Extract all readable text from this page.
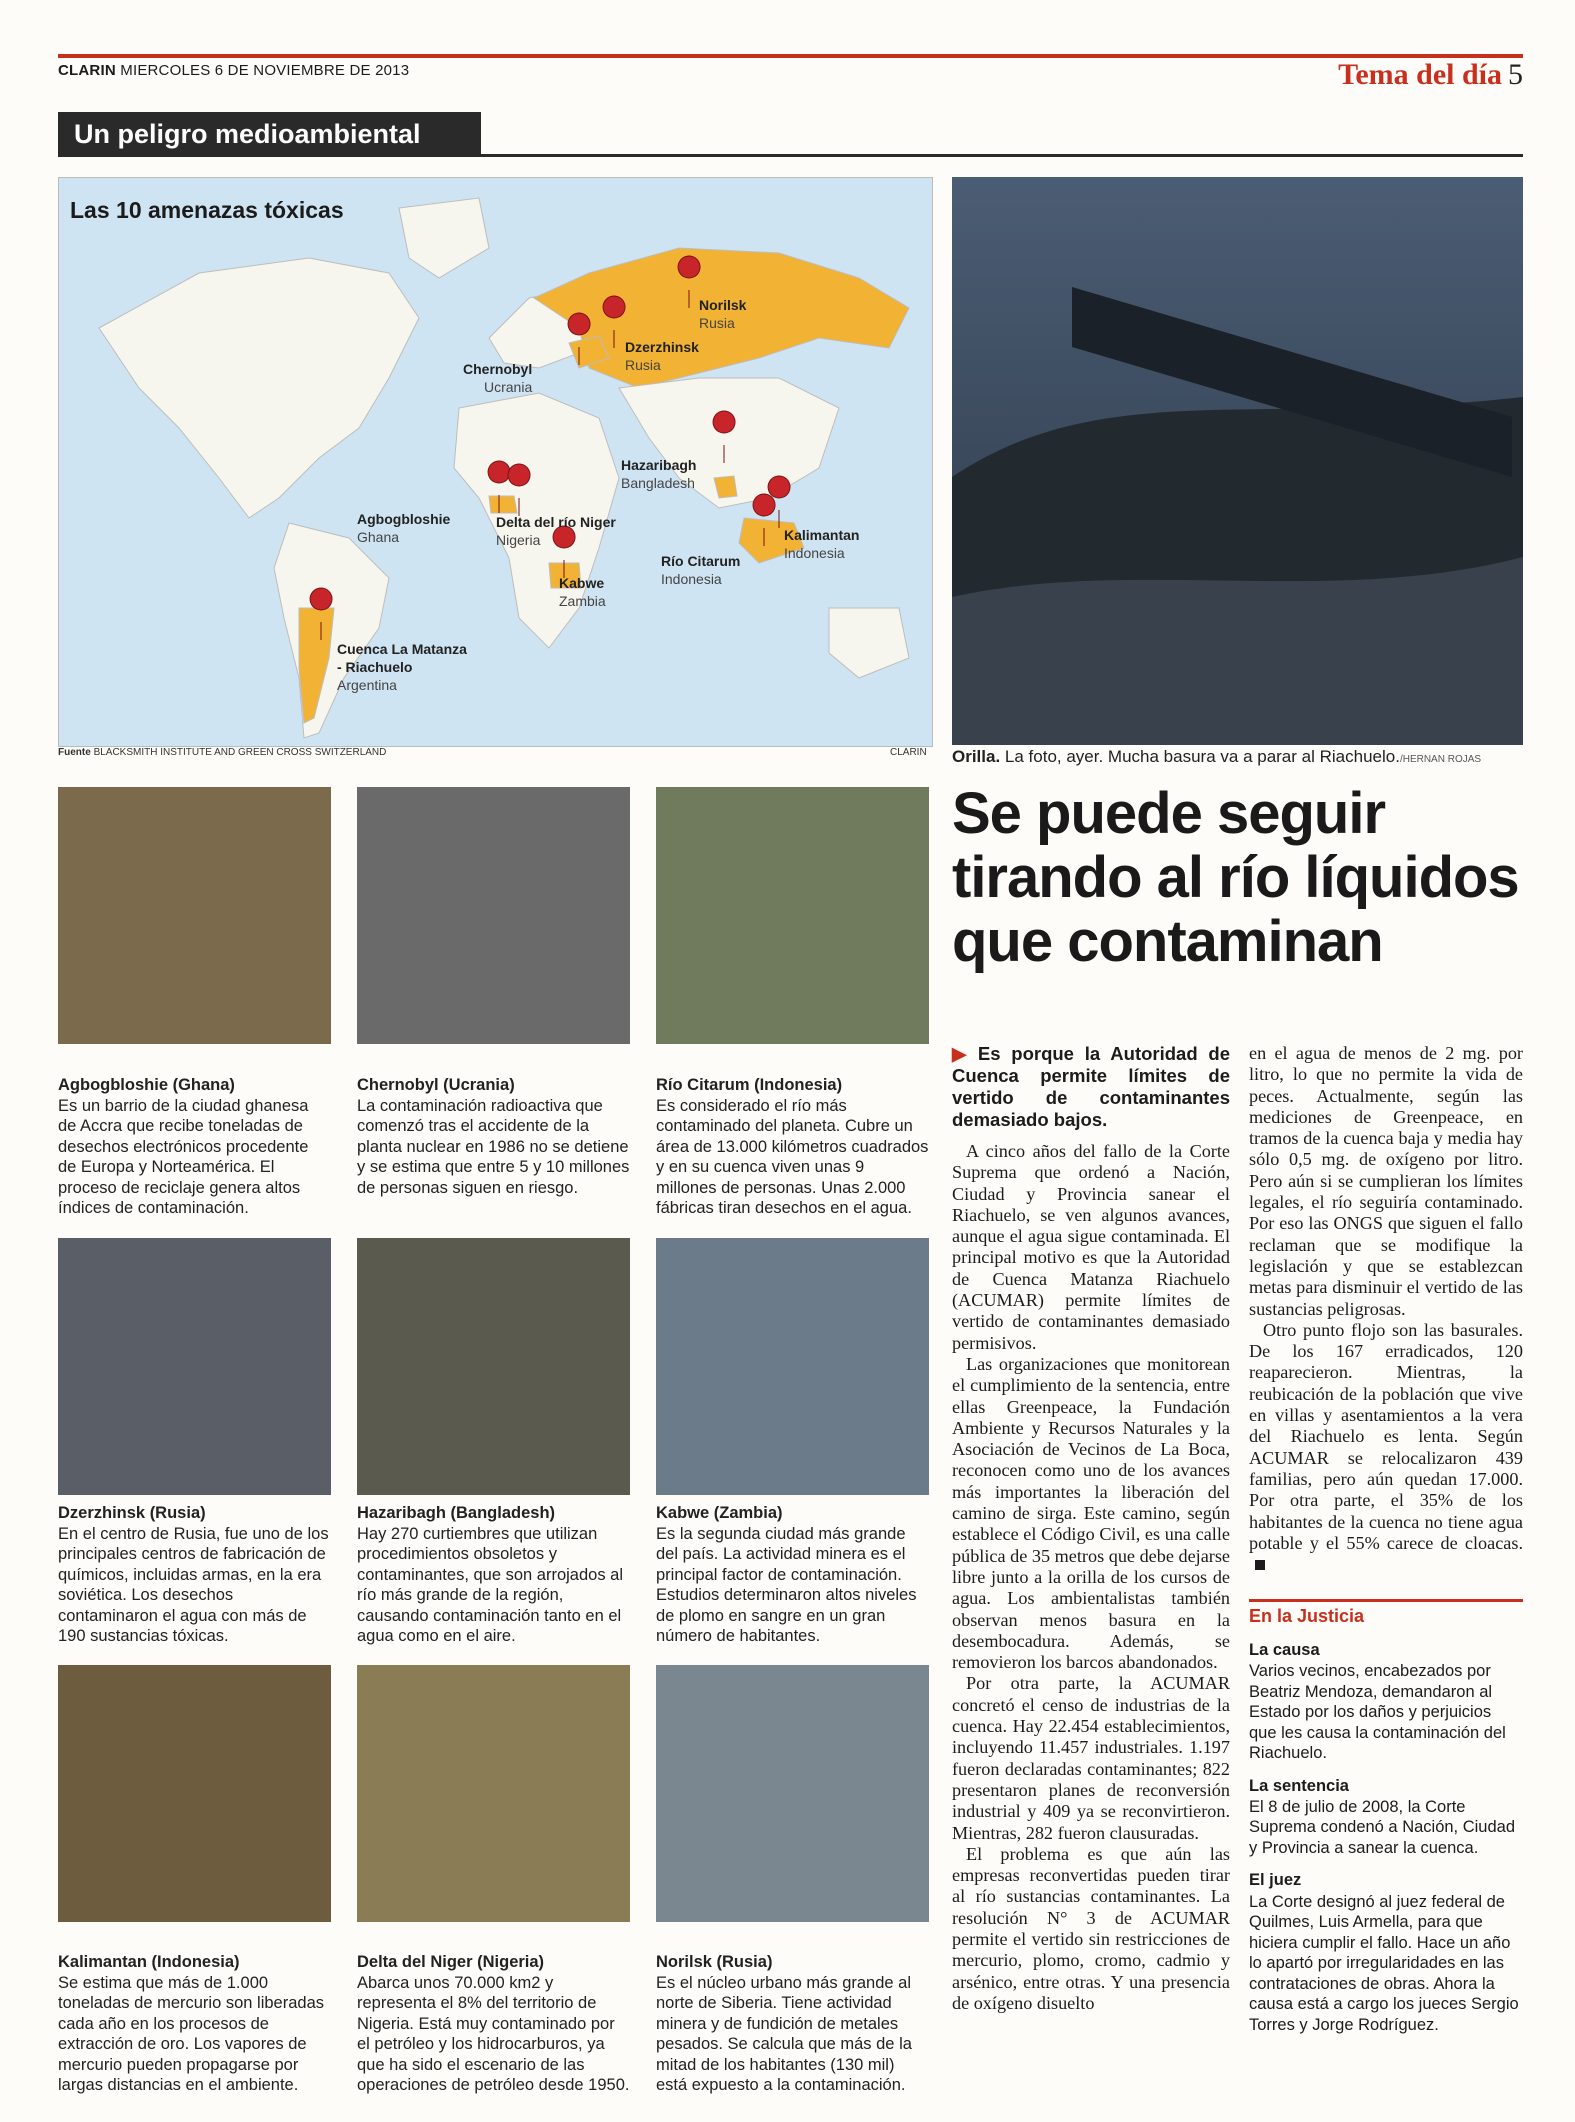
CLARIN MIERCOLES 6 DE NOVIEMBRE DE 2013	Tema del día 5
Un peligro medioambiental
Norilsk
Rusia
Dzerzhinsk
Rusia
Chernobyl
Ucrania
Hazaribagh
Bangladesh
Agbogbloshie
Ghana
Delta del río Niger
Nigeria	Kalimantan
Indonesia
Río Citarum
Indonesia
Kabwe
Zambia
Cuenca La Matanza - Riachuelo
Argentina
Las 10 amenazas tóxicas
Fuente BLACKSMITH INSTITUTE AND GREEN CROSS SWITZERLAND	CLARIN Orilla. La foto, ayer. Mucha basura va a parar al Riachuelo./HERNAN ROJAS
Se puede seguir tirando al río líquidos que contaminan
Agbogbloshie (Ghana)
Es un barrio de la ciudad ghanesa de Accra que recibe toneladas de desechos electrónicos procedente de Europa y Norteamérica. El proceso de reciclaje genera altos índices de contaminación.
Chernobyl (Ucrania)
La contaminación radioactiva que comenzó tras el accidente de la planta nuclear en 1986 no se detiene y se estima que entre 5 y 10 millones de personas siguen en riesgo.
Río Citarum (Indonesia)
Es considerado el río más contaminado del planeta. Cubre un área de 13.000 kilómetros cuadrados y en su cuenca viven unas 9 millones de personas. Unas 2.000 fábricas tiran desechos en el agua.
Dzerzhinsk (Rusia)
En el centro de Rusia, fue uno de los principales centros de fabricación de químicos, incluidas armas, en la era soviética. Los desechos contaminaron el agua con más de 190 sustancias tóxicas.
Hazaribagh (Bangladesh)
Hay 270 curtiembres que utilizan procedimientos obsoletos y contaminantes, que son arrojados al río más grande de la región, causando contaminación tanto en el agua como en el aire.
Kabwe (Zambia)
Es la segunda ciudad más grande del país. La actividad minera es el principal factor de contaminación. Estudios determinaron altos niveles de plomo en sangre en un gran número de habitantes.
Kalimantan (Indonesia)
Se estima que más de 1.000 toneladas de mercurio son liberadas cada año en los procesos de extracción de oro. Los vapores de mercurio pueden propagarse por largas distancias en el ambiente.
Delta del Niger (Nigeria)
Abarca unos 70.000 km2 y representa el 8% del territorio de Nigeria. Está muy contaminado por el petróleo y los hidrocarburos, ya que ha sido el escenario de las operaciones de petróleo desde 1950.
Norilsk (Rusia)
Es el núcleo urbano más grande al norte de Siberia. Tiene actividad minera y de fundición de metales pesados. Se calcula que más de la mitad de los habitantes (130 mil) está expuesto a la contaminación.
▶ Es porque la Autoridad de Cuenca permite límites de vertido de contaminantes demasiado bajos.

A cinco años del fallo de la Corte Suprema que ordenó a Nación, Ciudad y Provincia sanear el Riachuelo, se ven algunos avances, aunque el agua sigue contaminada. El principal motivo es que la Autoridad de Cuenca Matanza Riachuelo (ACUMAR) permite límites de vertido de contaminantes demasiado permisivos.

Las organizaciones que monitorean el cumplimiento de la sentencia, entre ellas Greenpeace, la Fundación Ambiente y Recursos Naturales y la Asociación de Vecinos de La Boca, reconocen como uno de los avances más importantes la liberación del camino de sirga. Este camino, según establece el Código Civil, es una calle pública de 35 metros que debe dejarse libre junto a la orilla de los cursos de agua. Los ambientalistas también observan menos basura en la desembocadura. Además, se removieron los barcos abandonados.

Por otra parte, la ACUMAR concretó el censo de industrias de la cuenca. Hay 22.454 establecimientos, incluyendo 11.457 industriales. 1.197 fueron declaradas contaminantes; 822 presentaron planes de reconversión industrial y 409 ya se reconvirtieron. Mientras, 282 fueron clausuradas.

El problema es que aún las empresas reconvertidas pueden tirar al río sustancias contaminantes. La resolución N° 3 de ACUMAR permite el vertido sin restricciones de mercurio, plomo, cromo, cadmio y arsénico, entre otras. Y una presencia de oxígeno disuelto

en el agua de menos de 2 mg. por litro, lo que no permite la vida de peces. Actualmente, según las mediciones de Greenpeace, en tramos de la cuenca baja y media hay sólo 0,5 mg. de oxígeno por litro. Pero aún si se cumplieran los límites legales, el río seguiría contaminado. Por eso las ONGS que siguen el fallo reclaman que se modifique la legislación y que se establezcan metas para disminuir el vertido de las sustancias peligrosas.

Otro punto flojo son las basurales. De los 167 erradicados, 120 reaparecieron. Mientras, la reubicación de la población que vive en villas y asentamientos a la vera del Riachuelo es lenta. Según ACUMAR se relocalizaron 439 familias, pero aún quedan 17.000. Por otra parte, el 35% de los habitantes de la cuenca no tiene agua potable y el 55% carece de cloacas.

En la Justicia
La causa
Varios vecinos, encabezados por Beatriz Mendoza, demandaron al Estado por los daños y perjuicios que les causa la contaminación del Riachuelo.
La sentencia
El 8 de julio de 2008, la Corte Suprema condenó a Nación, Ciudad y Provincia a sanear la cuenca.
El juez
La Corte designó al juez federal de Quilmes, Luis Armella, para que hiciera cumplir el fallo. Hace un año lo apartó por irregularidades en las contrataciones de obras. Ahora la causa está a cargo los jueces Sergio Torres y Jorge Rodríguez.
